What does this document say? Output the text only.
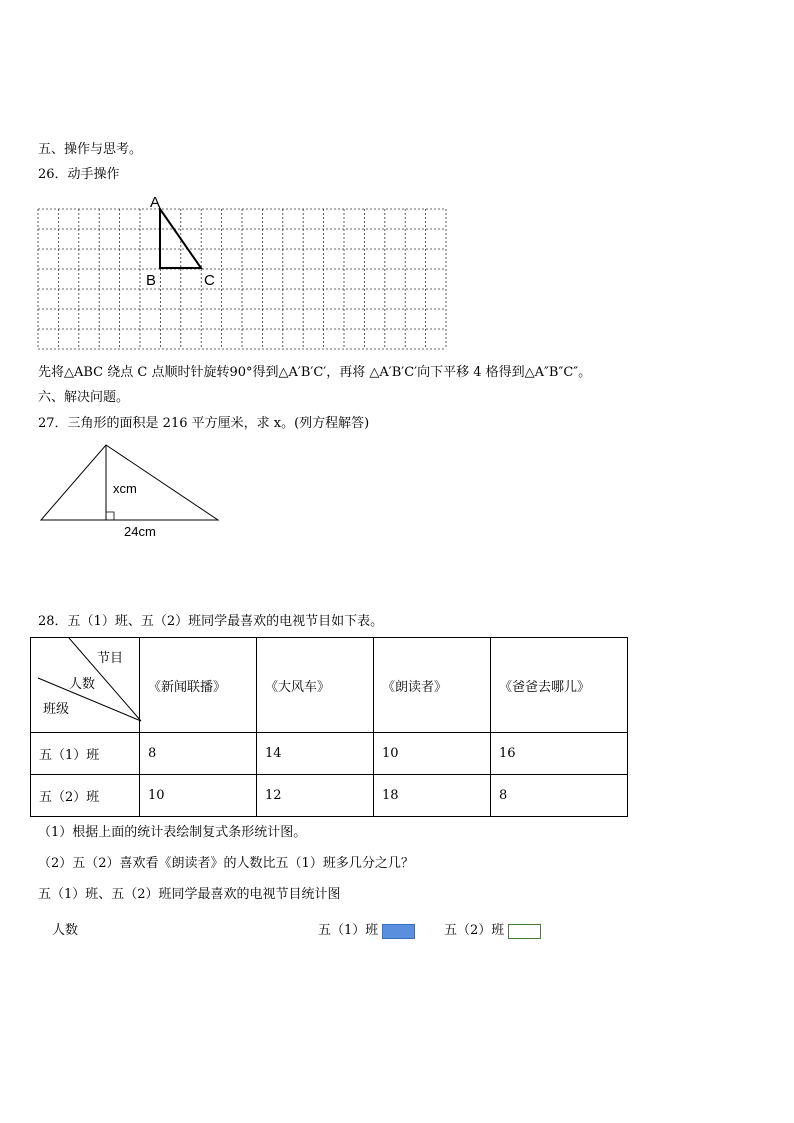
五、操作与思考。
26．动手操作
A
B	C
先将△ABC 绕点 C 点顺时针旋转90°得到△A′B′C′，再将 △A′B′C′向下平移 4 格得到△A″B″C″。
六、解决问题。
27．三角形的面积是 216 平方厘米，求 x。(列方程解答)
xcm
24cm
28．五（1）班、五（2）班同学最喜欢的电视节目如下表。
节目
人数
班级	《新闻联播》	《大风车》	《朗读者》	《爸爸去哪儿》
五（1）班	8	14	10	16
五（2）班	10	12	18	8
（1）根据上面的统计表绘制复式条形统计图。
（2）五（2）喜欢看《朗读者》的人数比五（1）班多几分之几？
五（1）班、五（2）班同学最喜欢的电视节目统计图
人数	五（1）班	五（2）班
